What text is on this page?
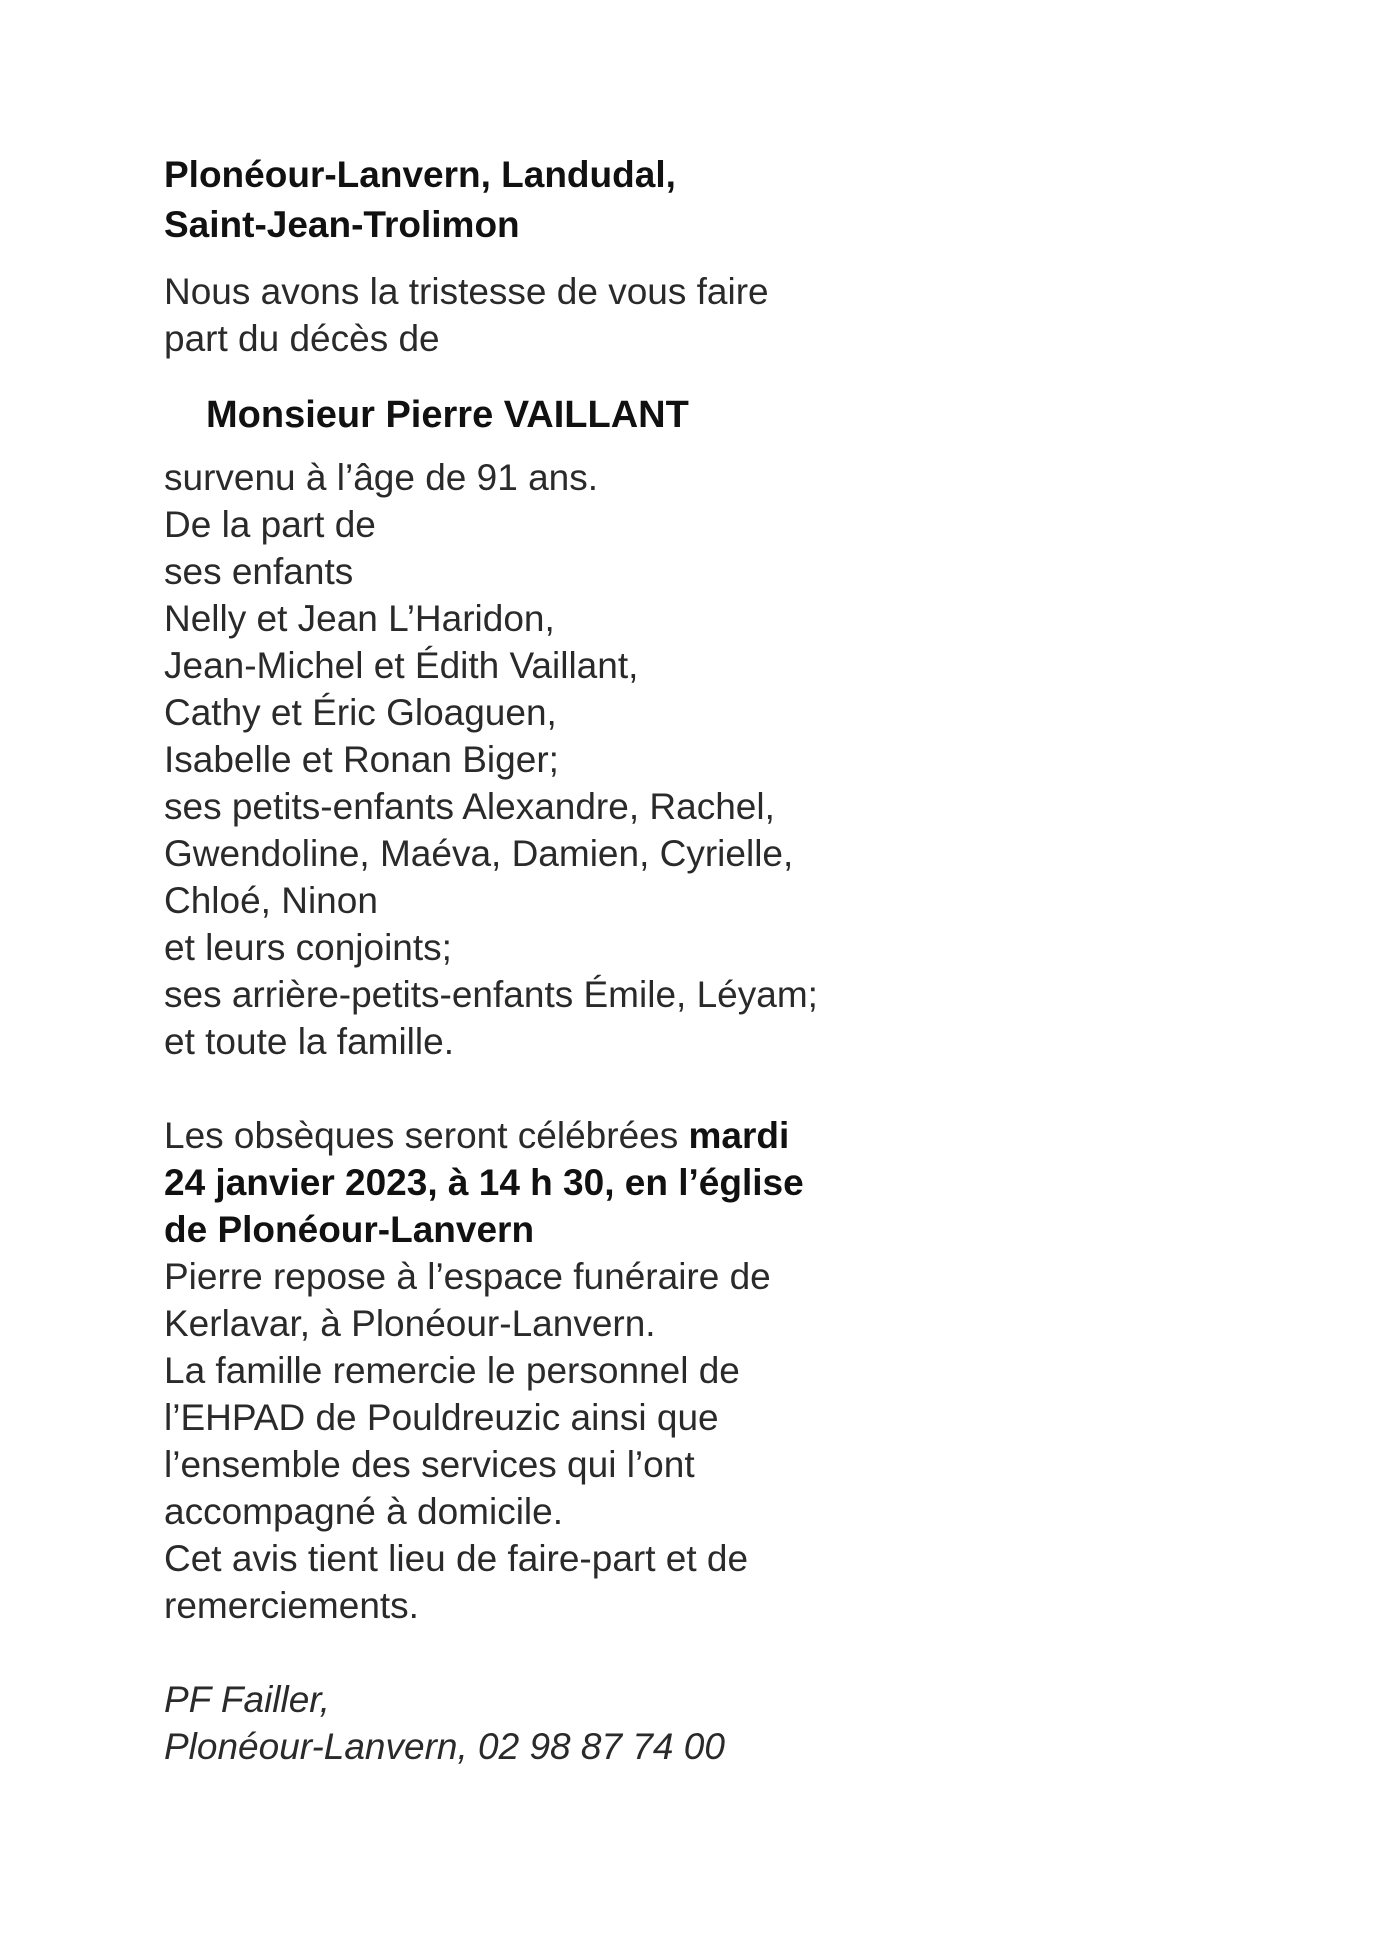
Plonéour-Lanvern, Landudal,
Saint-Jean-Trolimon
Nous avons la tristesse de vous faire
part du décès de
Monsieur Pierre VAILLANT
survenu à l’âge de 91 ans.
De la part de
ses enfants
Nelly et Jean L’Haridon,
Jean-Michel et Édith Vaillant,
Cathy et Éric Gloaguen,
Isabelle et Ronan Biger;
ses petits-enfants Alexandre, Rachel,
Gwendoline, Maéva, Damien, Cyrielle,
Chloé, Ninon
et leurs conjoints;
ses arrière-petits-enfants Émile, Léyam;
et toute la famille.
Les obsèques seront célébrées mardi
24 janvier 2023, à 14 h 30, en l’église
de Plonéour-Lanvern
Pierre repose à l’espace funéraire de
Kerlavar, à Plonéour-Lanvern.
La famille remercie le personnel de
l’EHPAD de Pouldreuzic ainsi que
l’ensemble des services qui l’ont
accompagné à domicile.
Cet avis tient lieu de faire-part et de
remerciements.
PF Failler,
Plonéour-Lanvern, 02 98 87 74 00
